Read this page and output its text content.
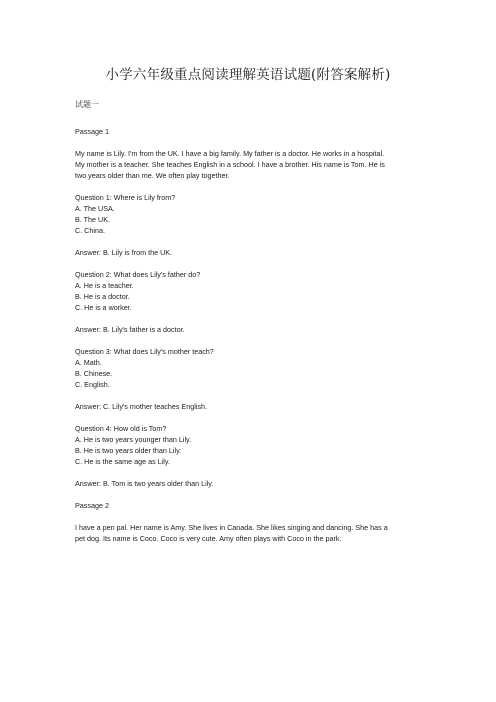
小学六年级重点阅读理解英语试题(附答案解析)
试题一

Passage 1

My name is Lily. I'm from the UK. I have a big family. My father is a doctor. He works in a hospital.

My mother is a teacher. She teaches English in a school. I have a brother. His name is Tom. He is

two years older than me. We often play together.

Question 1: Where is Lily from?

A. The USA.

B. The UK.

C. China.

Answer: B. Lily is from the UK.

Question 2: What does Lily's father do?

A. He is a teacher.

B. He is a doctor.

C. He is a worker.

Answer: B. Lily's father is a doctor.

Question 3: What does Lily's mother teach?

A. Math.

B. Chinese.

C. English.

Answer: C. Lily's mother teaches English.

Question 4: How old is Tom?

A. He is two years younger than Lily.

B. He is two years older than Lily.

C. He is the same age as Lily.

Answer: B. Tom is two years older than Lily.

Passage 2

I have a pen pal. Her name is Amy. She lives in Canada. She likes singing and dancing. She has a

pet dog. Its name is Coco. Coco is very cute. Amy often plays with Coco in the park.
